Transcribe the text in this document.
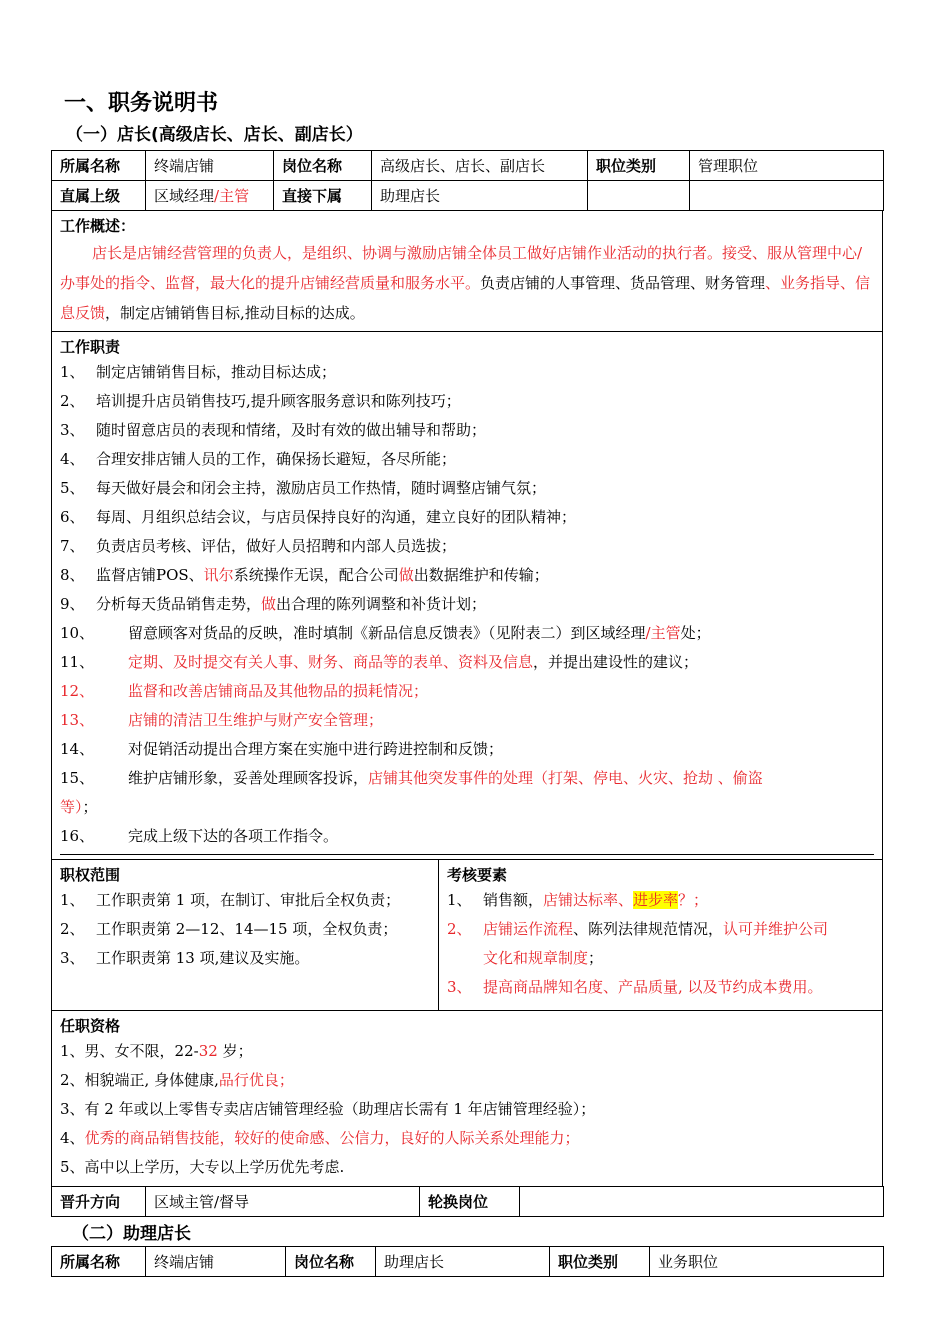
一、职务说明书
（一）店长(高级店长、店长、副店长）
所属名称	终端店铺	岗位名称	高级店长、店长、副店长	职位类别	管理职位
直属上级	区域经理/主管	直接下属	助理店长		
工作概述：
店长是店铺经营管理的负责人，是组织、协调与激励店铺全体员工做好店铺作业活动的执行者。接受、服从管理中心/办事处的指令、监督，最大化的提升店铺经营质量和服务水平。负责店铺的人事管理、货品管理、财务管理、业务指导、信息反馈，制定店铺销售目标,推动目标的达成。
工作职责
1、 制定店铺销售目标，推动目标达成；
2、 培训提升店员销售技巧,提升顾客服务意识和陈列技巧；
3、 随时留意店员的表现和情绪，及时有效的做出辅导和帮助；
4、 合理安排店铺人员的工作，确保扬长避短，各尽所能；
5、 每天做好晨会和闭会主持，激励店员工作热情，随时调整店铺气氛；
6、 每周、月组织总结会议，与店员保持良好的沟通，建立良好的团队精神；
7、 负责店员考核、评估，做好人员招聘和内部人员选拔；
8、 监督店铺POS、讯尔系统操作无误，配合公司做出数据维护和传输；
9、 分析每天货品销售走势，做出合理的陈列调整和补货计划；
10、 留意顾客对货品的反映，准时填制《新品信息反馈表》（见附表二）到区域经理/主管处；
11、 定期、及时提交有关人事、财务、商品等的表单、资料及信息，并提出建设性的建议；
12、 监督和改善店铺商品及其他物品的损耗情况；
13、 店铺的清洁卫生维护与财产安全管理；
14、 对促销活动提出合理方案在实施中进行跨进控制和反馈；
15、 维护店铺形象，妥善处理顾客投诉，店铺其他突发事件的处理（打架、停电、火灾、抢劫 、偷盗
等）；
16、 完成上级下达的各项工作指令。
职权范围
1、 工作职责第 1 项，在制订、审批后全权负责；
2、 工作职责第 2—12、14—15 项，全权负责；
3、 工作职责第 13 项,建议及实施。
考核要素
1、 销售额，店铺达标率、进步率？；
2、 店铺运作流程、陈列法律规范情况，认可并维护公司
文化和规章制度；
3、 提高商品牌知名度、产品质量, 以及节约成本费用。
任职资格
1、男、女不限，22-32 岁；
2、相貌端正, 身体健康,品行优良；
3、有 2 年或以上零售专卖店店铺管理经验（助理店长需有 1 年店铺管理经验）；
4、优秀的商品销售技能，较好的使命感、公信力，良好的人际关系处理能力；
5、高中以上学历，大专以上学历优先考虑.
晋升方向	区域主管/督导	轮换岗位	
（二）助理店长
所属名称	终端店铺	岗位名称	助理店长	职位类别	业务职位
